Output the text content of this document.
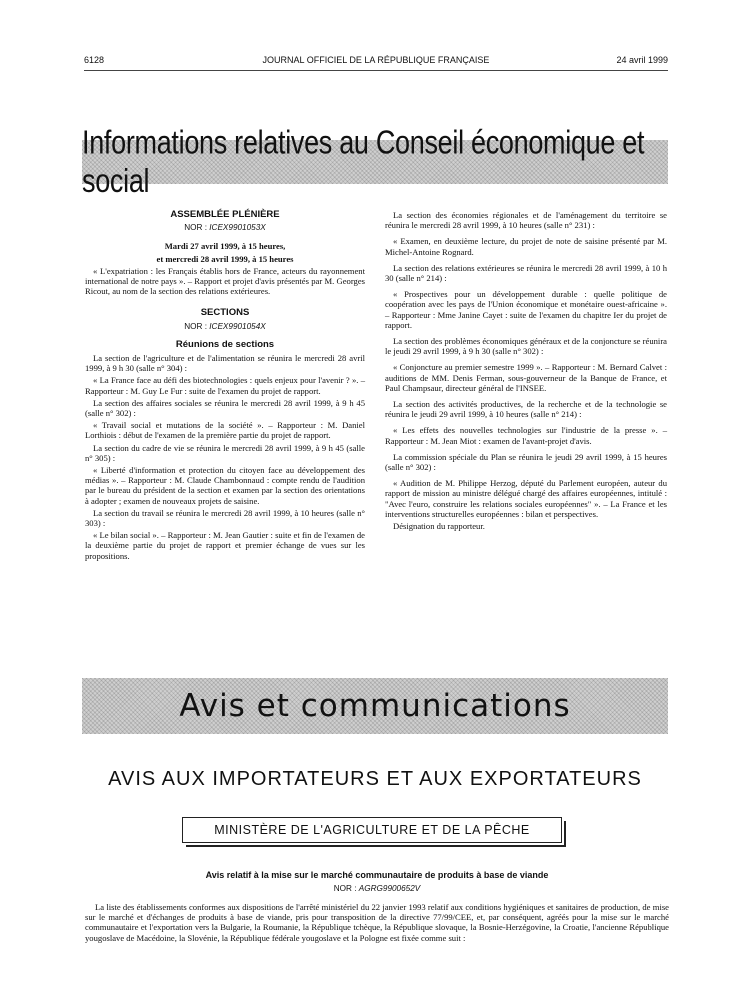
6128	JOURNAL OFFICIEL DE LA RÉPUBLIQUE FRANÇAISE	24 avril 1999
Informations relatives au Conseil économique et social
ASSEMBLÉE PLÉNIÈRE
NOR : ICEX9901053X

Mardi 27 avril 1999, à 15 heures,

et mercredi 28 avril 1999, à 15 heures

« L'expatriation : les Français établis hors de France, acteurs du rayonnement international de notre pays ». – Rapport et projet d'avis présentés par M. Georges Ricout, au nom de la section des relations extérieures.

SECTIONS
NOR : ICEX9901054X
Réunions de sections

La section de l'agriculture et de l'alimentation se réunira le mercredi 28 avril 1999, à 9 h 30 (salle n° 304) :

« La France face au défi des biotechnologies : quels enjeux pour l'avenir ? ». – Rapporteur : M. Guy Le Fur : suite de l'examen du projet de rapport.

La section des affaires sociales se réunira le mercredi 28 avril 1999, à 9 h 45 (salle n° 302) :

« Travail social et mutations de la société ». – Rapporteur : M. Daniel Lorthiois : début de l'examen de la première partie du projet de rapport.

La section du cadre de vie se réunira le mercredi 28 avril 1999, à 9 h 45 (salle n° 305) :

« Liberté d'information et protection du citoyen face au développement des médias ». – Rapporteur : M. Claude Chambonnaud : compte rendu de l'audition par le bureau du président de la section et examen par la section des orientations à adopter ; examen de nouveaux projets de saisine.

La section du travail se réunira le mercredi 28 avril 1999, à 10 heures (salle n° 303) :

« Le bilan social ». – Rapporteur : M. Jean Gautier : suite et fin de l'examen de la deuxième partie du projet de rapport et premier échange de vues sur les propositions.

La section des économies régionales et de l'aménagement du territoire se réunira le mercredi 28 avril 1999, à 10 heures (salle n° 231) :

« Examen, en deuxième lecture, du projet de note de saisine présenté par M. Michel-Antoine Rognard.

La section des relations extérieures se réunira le mercredi 28 avril 1999, à 10 h 30 (salle n° 214) :

« Prospectives pour un développement durable : quelle politique de coopération avec les pays de l'Union économique et monétaire ouest-africaine ». – Rapporteur : Mme Janine Cayet : suite de l'examen du chapitre Ier du projet de rapport.

La section des problèmes économiques généraux et de la conjoncture se réunira le jeudi 29 avril 1999, à 9 h 30 (salle n° 302) :

« Conjoncture au premier semestre 1999 ». – Rapporteur : M. Bernard Calvet : auditions de MM. Denis Ferman, sous-gouverneur de la Banque de France, et Paul Champsaur, directeur général de l'INSEE.

La section des activités productives, de la recherche et de la technologie se réunira le jeudi 29 avril 1999, à 10 heures (salle n° 214) :

« Les effets des nouvelles technologies sur l'industrie de la presse ». – Rapporteur : M. Jean Miot : examen de l'avant-projet d'avis.

La commission spéciale du Plan se réunira le jeudi 29 avril 1999, à 15 heures (salle n° 302) :

« Audition de M. Philippe Herzog, député du Parlement européen, auteur du rapport de mission au ministre délégué chargé des affaires européennes, intitulé : "Avec l'euro, construire les relations sociales européennes" ». – La France et les interventions structurelles européennes : bilan et perspectives.

Désignation du rapporteur.

Avis et communications
AVIS AUX IMPORTATEURS ET AUX EXPORTATEURS
MINISTÈRE DE L'AGRICULTURE ET DE LA PÊCHE
Avis relatif à la mise sur le marché communautaire de produits à base de viande
NOR : AGRG9900652V
La liste des établissements conformes aux dispositions de l'arrêté ministériel du 22 janvier 1993 relatif aux conditions hygiéniques et sanitaires de production, de mise sur le marché et d'échanges de produits à base de viande, pris pour transposition de la directive 77/99/CEE, et, par conséquent, agréés pour la mise sur le marché communautaire et l'exportation vers la Bulgarie, la Roumanie, la République tchèque, la République slovaque, la Bosnie-Herzégovine, la Croatie, l'ancienne République yougoslave de Macédoine, la Slovénie, la République fédérale yougoslave et la Pologne est fixée comme suit :
